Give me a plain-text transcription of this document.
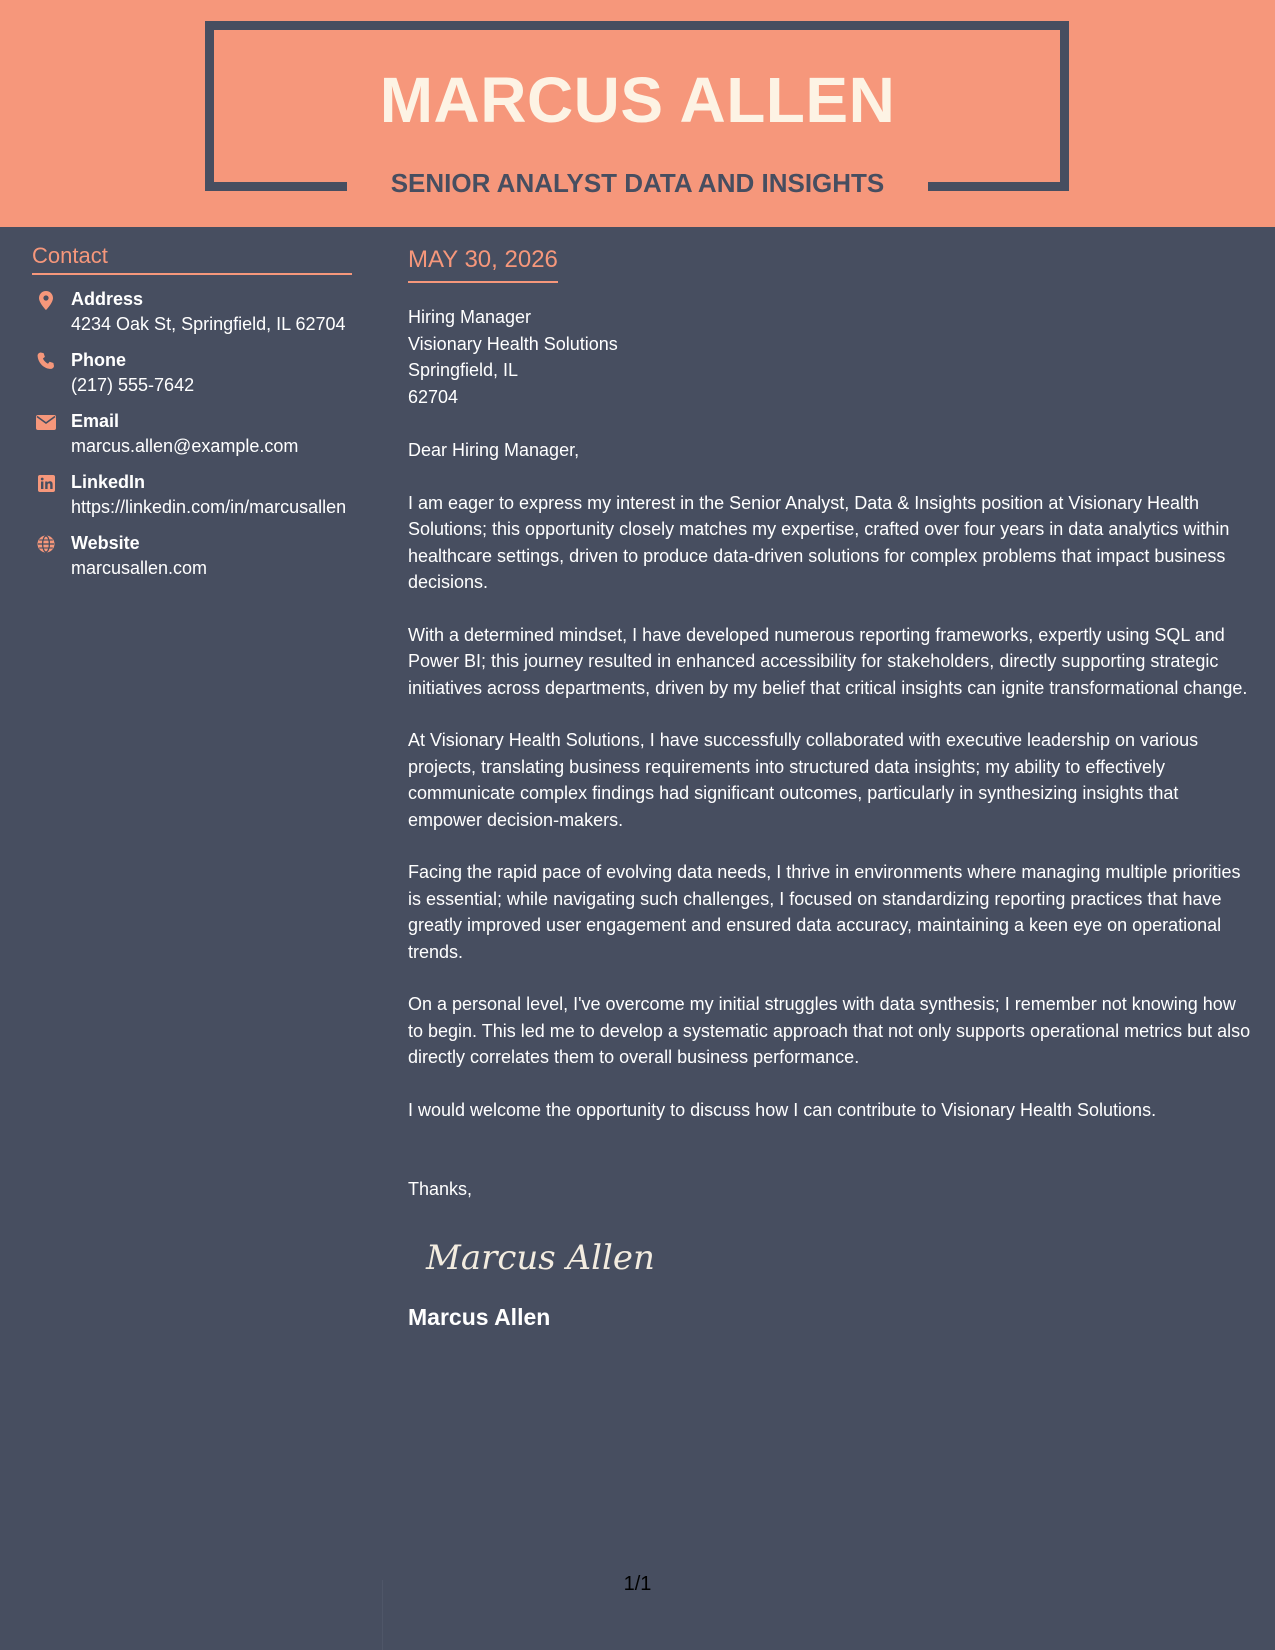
MARCUS ALLEN
SENIOR ANALYST DATA AND INSIGHTS
Contact
Address
4234 Oak St, Springfield, IL 62704
Phone
(217) 555-7642
Email
marcus.allen@example.com
LinkedIn
https://linkedin.com/in/marcusallen
Website
marcusallen.com
MAY 30, 2026
Hiring Manager
Visionary Health Solutions
Springfield, IL
62704
Dear Hiring Manager,
I am eager to express my interest in the Senior Analyst, Data & Insights position at Visionary Health Solutions; this opportunity closely matches my expertise, crafted over four years in data analytics within healthcare settings, driven to produce data-driven solutions for complex problems that impact business decisions.
With a determined mindset, I have developed numerous reporting frameworks, expertly using SQL and Power BI; this journey resulted in enhanced accessibility for stakeholders, directly supporting strategic initiatives across departments, driven by my belief that critical insights can ignite transformational change.
At Visionary Health Solutions, I have successfully collaborated with executive leadership on various projects, translating business requirements into structured data insights; my ability to effectively communicate complex findings had significant outcomes, particularly in synthesizing insights that empower decision-makers.
Facing the rapid pace of evolving data needs, I thrive in environments where managing multiple priorities is essential; while navigating such challenges, I focused on standardizing reporting practices that have greatly improved user engagement and ensured data accuracy, maintaining a keen eye on operational trends.
On a personal level, I've overcome my initial struggles with data synthesis; I remember not knowing how to begin. This led me to develop a systematic approach that not only supports operational metrics but also directly correlates them to overall business performance.
I would welcome the opportunity to discuss how I can contribute to Visionary Health Solutions.
Thanks,
Marcus Allen
Marcus Allen
1/1
